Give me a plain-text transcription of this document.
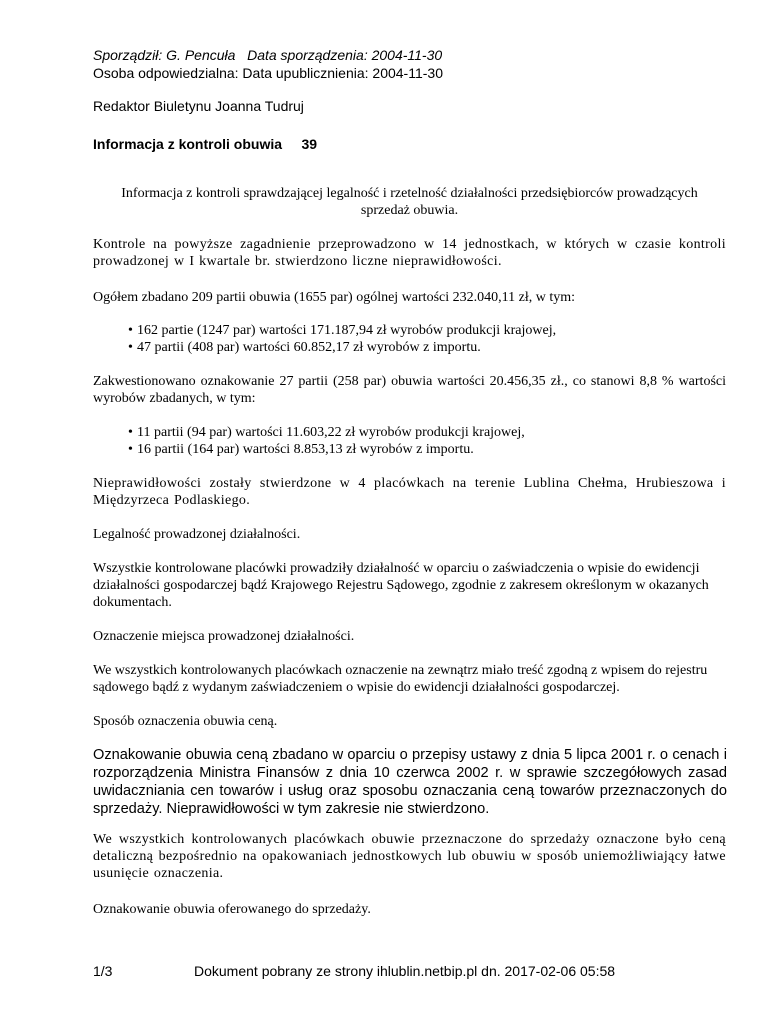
Sporządził: G. Pencuła Data sporządzenia: 2004-11-30
Osoba odpowiedzialna: Data upublicznienia: 2004-11-30
Redaktor Biuletynu Joanna Tudruj
Informacja z kontroli obuwia 39
Informacja z kontroli sprawdzającej legalność i rzetelność działalności przedsiębiorców prowadzących sprzedaż obuwia.
Kontrole na powyższe zagadnienie przeprowadzono w 14 jednostkach, w których w czasie kontroli prowadzonej w I kwartale br. stwierdzono liczne nieprawidłowości.
Ogółem zbadano 209 partii obuwia (1655 par) ogólnej wartości 232.040,11 zł, w tym:
• 162 partie (1247 par) wartości 171.187,94 zł wyrobów produkcji krajowej,
• 47 partii (408 par) wartości 60.852,17 zł wyrobów z importu.
Zakwestionowano oznakowanie 27 partii (258 par) obuwia wartości 20.456,35 zł., co stanowi 8,8 % wartości wyrobów zbadanych, w tym:
• 11 partii (94 par) wartości 11.603,22 zł wyrobów produkcji krajowej,
• 16 partii (164 par) wartości 8.853,13 zł wyrobów z importu.
Nieprawidłowości zostały stwierdzone w 4 placówkach na terenie Lublina Chełma, Hrubieszowa i Międzyrzeca Podlaskiego.
Legalność prowadzonej działalności.
Wszystkie kontrolowane placówki prowadziły działalność w oparciu o zaświadczenia o wpisie do ewidencji działalności gospodarczej bądź Krajowego Rejestru Sądowego, zgodnie z zakresem określonym w okazanych dokumentach.
Oznaczenie miejsca prowadzonej działalności.
We wszystkich kontrolowanych placówkach oznaczenie na zewnątrz miało treść zgodną z wpisem do rejestru sądowego bądź z wydanym zaświadczeniem o wpisie do ewidencji działalności gospodarczej.
Sposób oznaczenia obuwia ceną.
Oznakowanie obuwia ceną zbadano w oparciu o przepisy ustawy z dnia 5 lipca 2001 r. o cenach i rozporządzenia Ministra Finansów z dnia 10 czerwca 2002 r. w sprawie szczegółowych zasad uwidaczniania cen towarów i usług oraz sposobu oznaczania ceną towarów przeznaczonych do sprzedaży. Nieprawidłowości w tym zakresie nie stwierdzono.
We wszystkich kontrolowanych placówkach obuwie przeznaczone do sprzedaży oznaczone było ceną detaliczną bezpośrednio na opakowaniach jednostkowych lub obuwiu w sposób uniemożliwiający łatwe usunięcie oznaczenia.
Oznakowanie obuwia oferowanego do sprzedaży.
1/3	Dokument pobrany ze strony ihlublin.netbip.pl dn. 2017-02-06 05:58
